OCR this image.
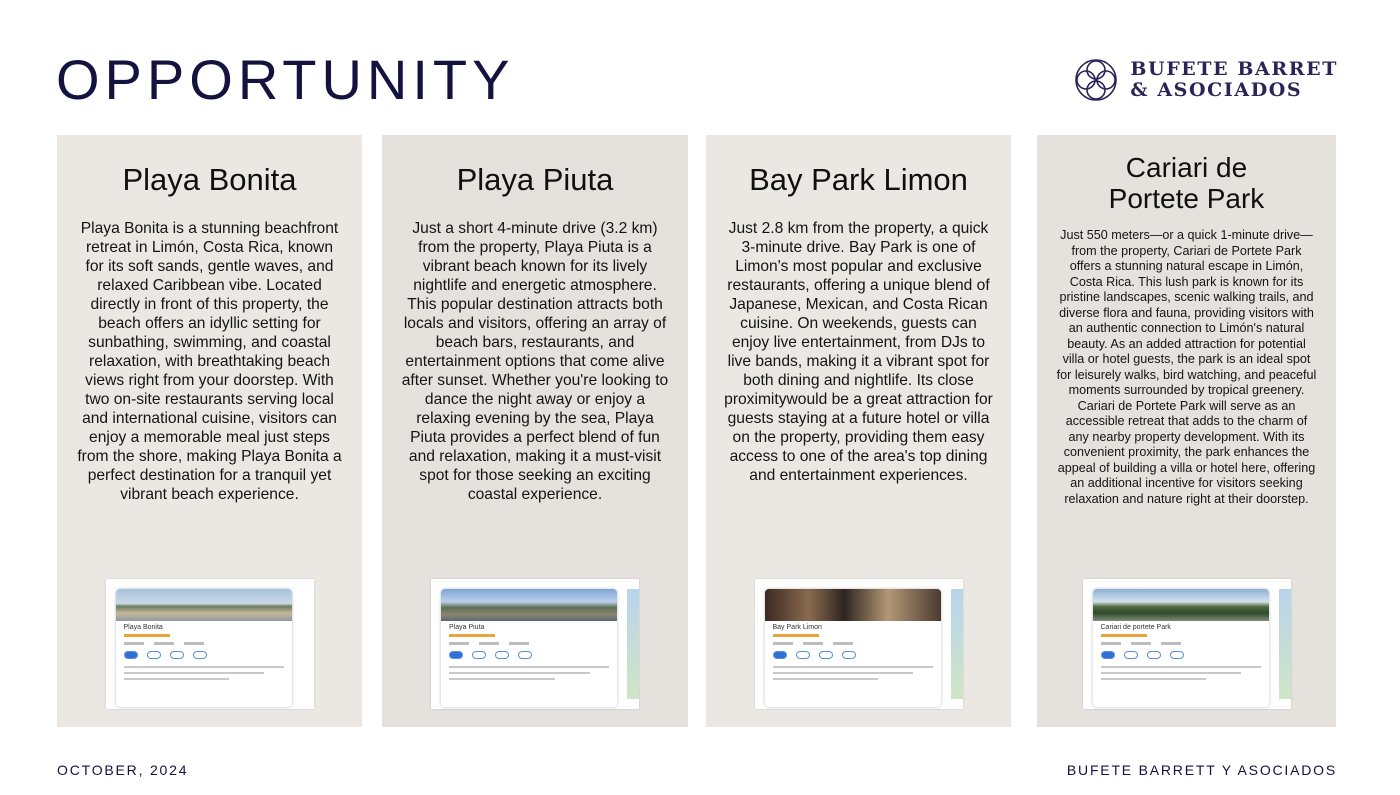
OPPORTUNITY	BUFETE BARRET
& ASOCIADOS
Playa Bonita

Playa Bonita is a stunning beachfront retreat in Limón, Costa Rica, known for its soft sands, gentle waves, and relaxed Caribbean vibe. Located directly in front of this property, the beach offers an idyllic setting for sunbathing, swimming, and coastal relaxation, with breathtaking beach views right from your doorstep. With two on-site restaurants serving local and international cuisine, visitors can enjoy a memorable meal just steps from the shore, making Playa Bonita a perfect destination for a tranquil yet vibrant beach experience.

Playa Bonita
Playa Piuta

Just a short 4-minute drive (3.2 km) from the property, Playa Piuta is a vibrant beach known for its lively nightlife and energetic atmosphere. This popular destination attracts both locals and visitors, offering an array of beach bars, restaurants, and entertainment options that come alive after sunset. Whether you're looking to dance the night away or enjoy a relaxing evening by the sea, Playa Piuta provides a perfect blend of fun and relaxation, making it a must-visit spot for those seeking an exciting coastal experience.

Playa Piuta
Bay Park Limon

Just 2.8 km from the property, a quick 3-minute drive. Bay Park is one of Limon's most popular and exclusive restaurants, offering a unique blend of Japanese, Mexican, and Costa Rican cuisine. On weekends, guests can enjoy live entertainment, from DJs to live bands, making it a vibrant spot for both dining and nightlife. Its close proximitywould be a great attraction for guests staying at a future hotel or villa on the property, providing them easy access to one of the area's top dining and entertainment experiences.

Bay Park Limon
Cariari de
Portete Park

Just 550 meters—or a quick 1-minute drive—from the property, Cariari de Portete Park offers a stunning natural escape in Limón, Costa Rica. This lush park is known for its pristine landscapes, scenic walking trails, and diverse flora and fauna, providing visitors with an authentic connection to Limón's natural beauty. As an added attraction for potential villa or hotel guests, the park is an ideal spot for leisurely walks, bird watching, and peaceful moments surrounded by tropical greenery. Cariari de Portete Park will serve as an accessible retreat that adds to the charm of any nearby property development. With its convenient proximity, the park enhances the appeal of building a villa or hotel here, offering an additional incentive for visitors seeking relaxation and nature right at their doorstep.

Cariari de portete Park
OCTOBER, 2024	BUFETE BARRETT Y ASOCIADOS
